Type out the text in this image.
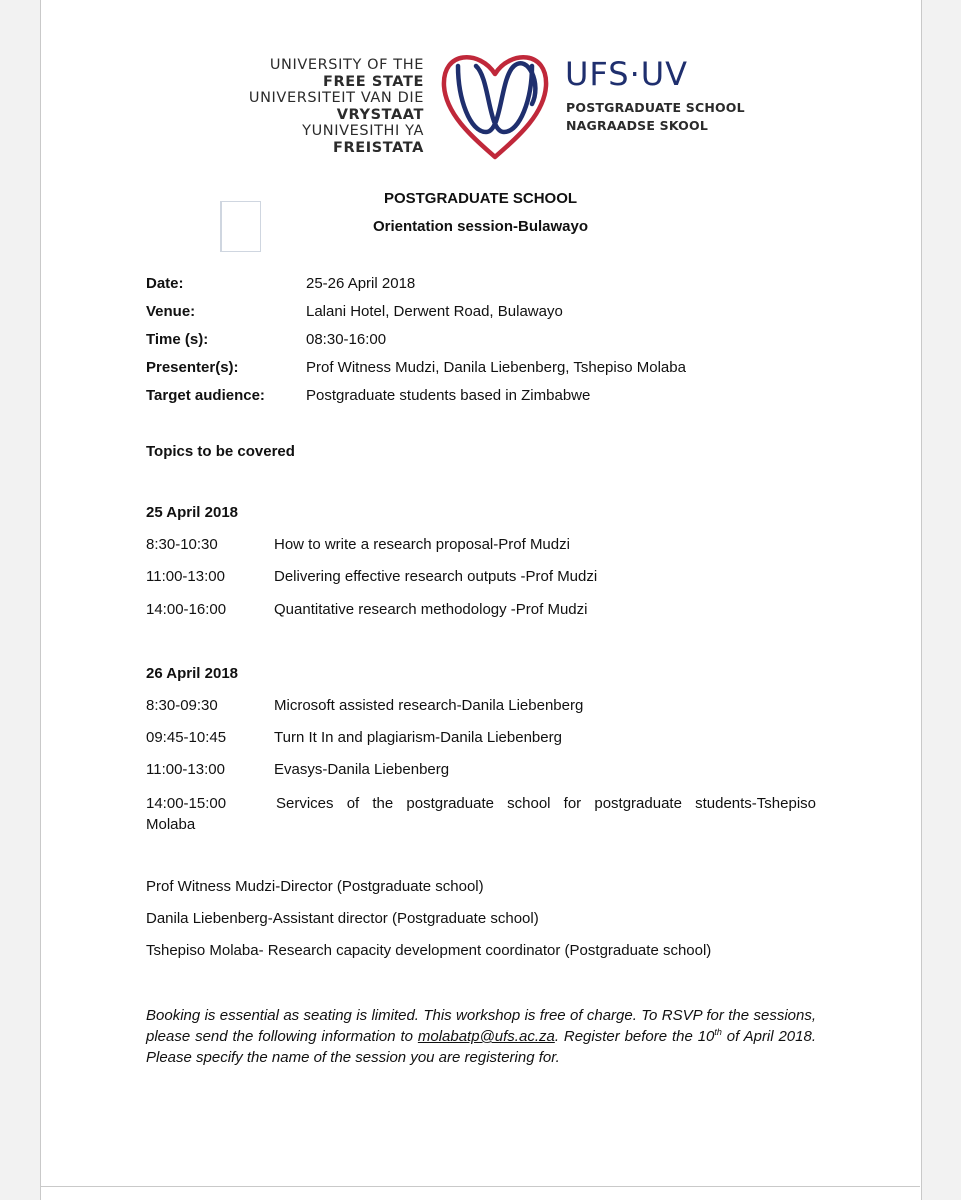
UNIVERSITY OF THE
FREE STATE
UNIVERSITEIT VAN DIE
VRYSTAAT
YUNIVESITHI YA
FREISTATA
UFS·UV
POSTGRADUATE SCHOOL
NAGRAADSE SKOOL
POSTGRADUATE SCHOOL
Orientation session-Bulawayo
Date:	25-26 April 2018
Venue:	Lalani Hotel, Derwent Road, Bulawayo
Time (s):	08:30-16:00
Presenter(s):	Prof Witness Mudzi, Danila Liebenberg, Tshepiso Molaba
Target audience:	Postgraduate students based in Zimbabwe
Topics to be covered
25 April 2018
8:30-10:30	How to write a research proposal-Prof Mudzi
11:00-13:00	Delivering effective research outputs -Prof Mudzi
14:00-16:00	Quantitative research methodology -Prof Mudzi
26 April 2018
8:30-09:30	Microsoft assisted research-Danila Liebenberg
09:45-10:45	Turn It In and plagiarism-Danila Liebenberg
11:00-13:00	Evasys-Danila Liebenberg
14:00-15:00	Services of the postgraduate school for postgraduate students-Tshepiso
Molaba
Prof Witness Mudzi-Director (Postgraduate school)
Danila Liebenberg-Assistant director (Postgraduate school)
Tshepiso Molaba- Research capacity development coordinator (Postgraduate school)
Booking is essential as seating is limited. This workshop is free of charge. To RSVP for the sessions, please send the following information to molabatp@ufs.ac.za. Register before the 10th of April 2018. Please specify the name of the session you are registering for.
